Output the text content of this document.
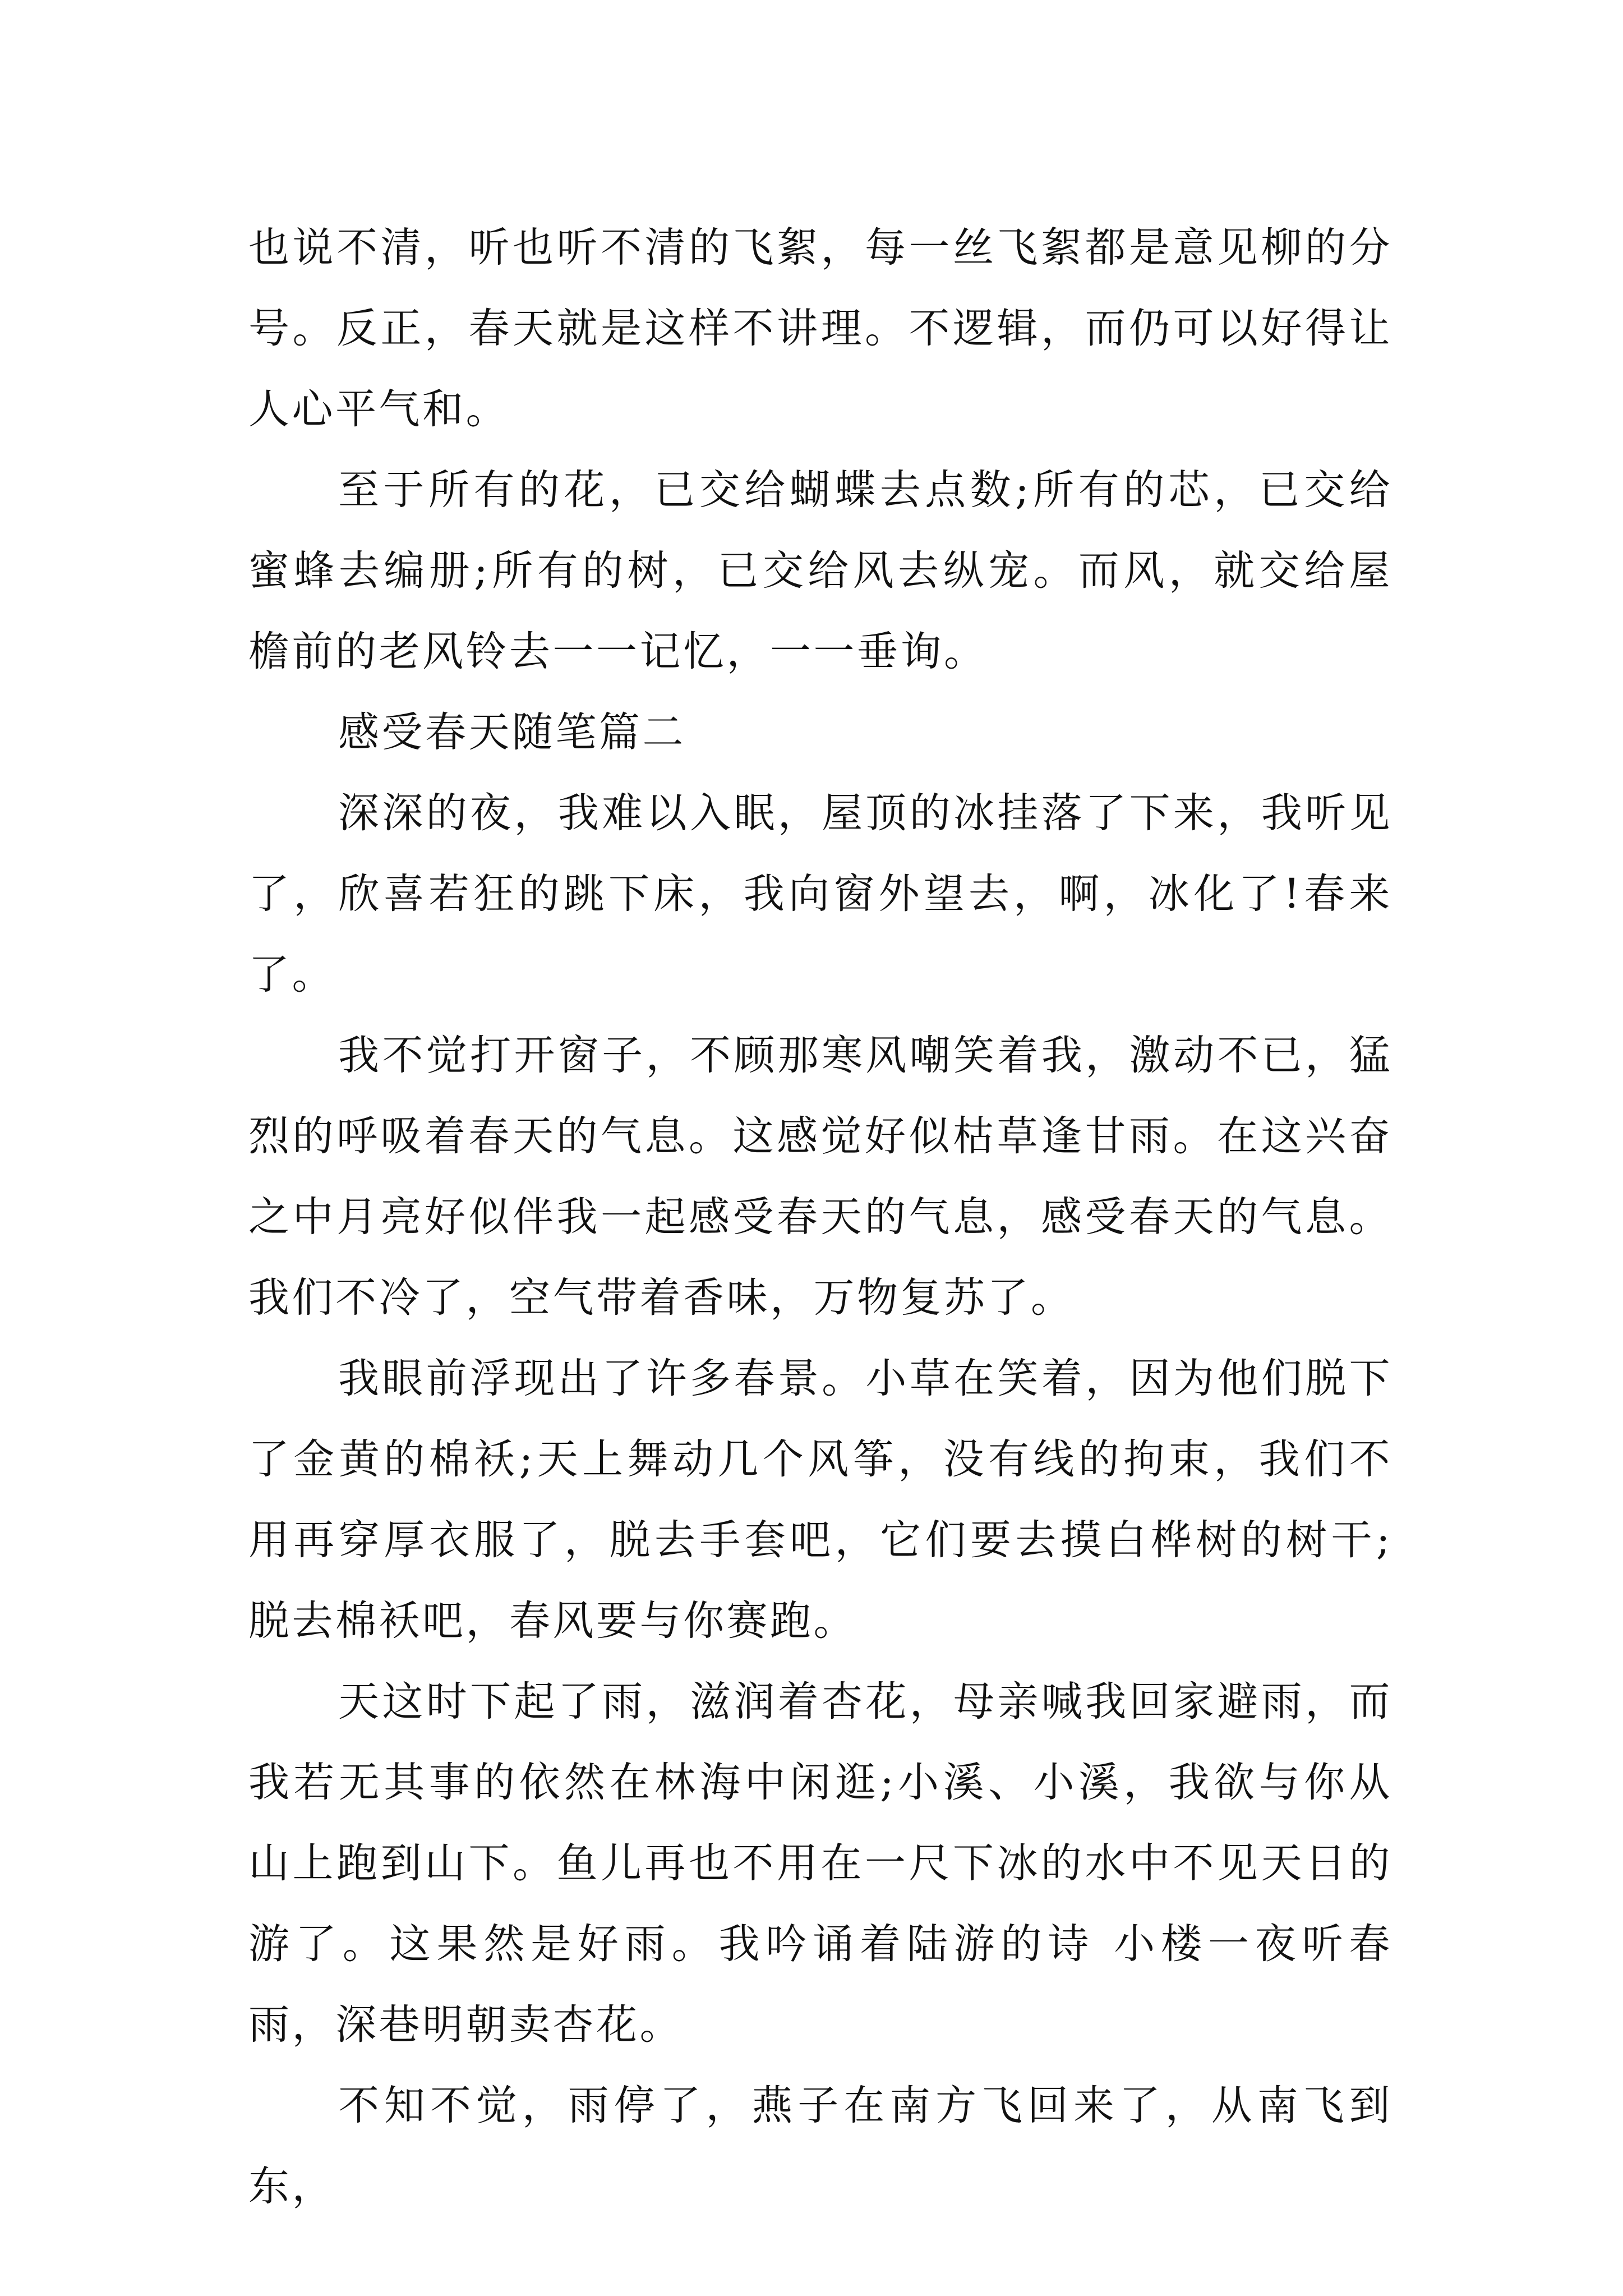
也说不清，听也听不清的飞絮，每一丝飞絮都是意见柳的分号。反正，春天就是这样不讲理。不逻辑，而仍可以好得让人心平气和。

至于所有的花，已交给蝴蝶去点数;所有的芯，已交给蜜蜂去编册;所有的树，已交给风去纵宠。而风，就交给屋檐前的老风铃去一一记忆，一一垂询。

感受春天随笔篇二

深深的夜，我难以入眠，屋顶的冰挂落了下来，我听见了，欣喜若狂的跳下床，我向窗外望去，啊，冰化了!春来了。

我不觉打开窗子，不顾那寒风嘲笑着我，激动不已，猛烈的呼吸着春天的气息。这感觉好似枯草逢甘雨。在这兴奋之中月亮好似伴我一起感受春天的气息，感受春天的气息。我们不冷了，空气带着香味，万物复苏了。

我眼前浮现出了许多春景。小草在笑着，因为他们脱下了金黄的棉袄;天上舞动几个风筝，没有线的拘束，我们不用再穿厚衣服了，脱去手套吧，它们要去摸白桦树的树干;脱去棉袄吧，春风要与你赛跑。

天这时下起了雨，滋润着杏花，母亲喊我回家避雨，而我若无其事的依然在林海中闲逛;小溪、小溪，我欲与你从山上跑到山下。鱼儿再也不用在一尺下冰的水中不见天日的游了。这果然是好雨。我吟诵着陆游的诗 小楼一夜听春雨，深巷明朝卖杏花。

不知不觉，雨停了，燕子在南方飞回来了，从南飞到东，
